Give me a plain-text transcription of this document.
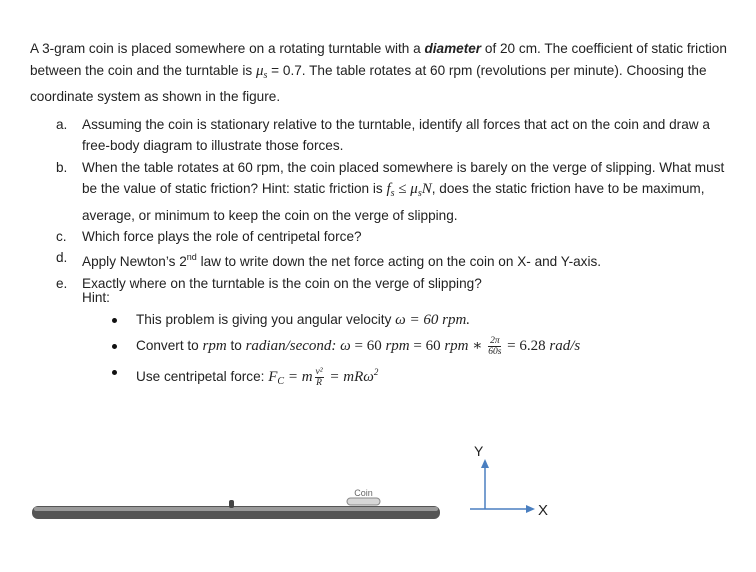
A 3-gram coin is placed somewhere on a rotating turntable with a diameter of 20 cm. The coefficient of static friction between the coin and the turntable is $\mu_s = 0.7$. The table rotates at 60 rpm (revolutions per minute). Choosing the coordinate system as shown in the figure.
a. Assuming the coin is stationary relative to the turntable, identify all forces that act on the coin and draw a free-body diagram to illustrate those forces.
b. When the table rotates at 60 rpm, the coin placed somewhere is barely on the verge of slipping. What must be the value of static friction? Hint: static friction is $f_s \le \mu_sN$, does the static friction have to be maximum, average, or minimum to keep the coin on the verge of slipping.
c. Which force plays the role of centripetal force?
d. Apply Newton’s 2nd law to write down the net force acting on the coin on X- and Y-axis.
e. Exactly where on the turntable is the coin on the verge of slipping?
Hint:
This problem is giving you angular velocity ω = 60 rpm.
Convert to rpm to radian/second: ω = 60 rpm = 60 rpm ∗ $\frac{2\pi}{60s} = 6.28$ rad/s
Use centripetal force: $F_C = m \frac{\text{v²}}{R} = mR\omega^2$
Coin
Y
X
